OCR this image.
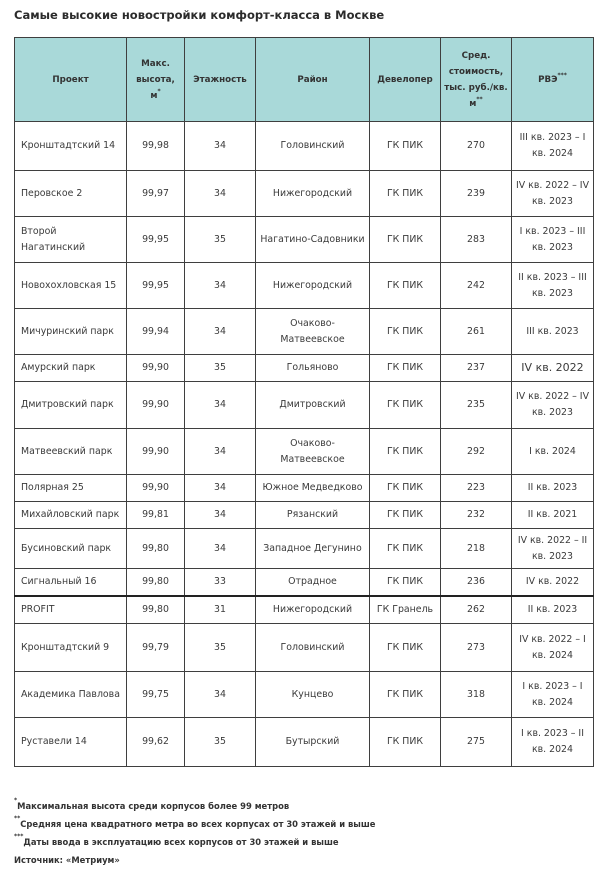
Самые высокие новостройки комфорт-класса в Москве
Проект	Макс. высота, м*	Этажность	Район	Девелопер	Сред. стоимость, тыс. руб./кв. м**	РВЭ***
Кронштадтский 14	99,98	34	Головинский	ГК ПИК	270	III кв. 2023 – I кв. 2024
Перовское 2	99,97	34	Нижегородский	ГК ПИК	239	IV кв. 2022 – IV кв. 2023
Второй Нагатинский	99,95	35	Нагатино-Садовники	ГК ПИК	283	I кв. 2023 – III кв. 2023
Новохохловская 15	99,95	34	Нижегородский	ГК ПИК	242	II кв. 2023 – III кв. 2023
Мичуринский парк	99,94	34	Очаково-Матвеевское	ГК ПИК	261	III кв. 2023
Амурский парк	99,90	35	Гольяново	ГК ПИК	237	IV кв. 2022
Дмитровский парк	99,90	34	Дмитровский	ГК ПИК	235	IV кв. 2022 – IV кв. 2023
Матвеевский парк	99,90	34	Очаково-Матвеевское	ГК ПИК	292	I кв. 2024
Полярная 25	99,90	34	Южное Медведково	ГК ПИК	223	II кв. 2023
Михайловский парк	99,81	34	Рязанский	ГК ПИК	232	II кв. 2021
Бусиновский парк	99,80	34	Западное Дегунино	ГК ПИК	218	IV кв. 2022 – II кв. 2023
Сигнальный 16	99,80	33	Отрадное	ГК ПИК	236	IV кв. 2022
PROFIT	99,80	31	Нижегородский	ГК Гранель	262	II кв. 2023
Кронштадтский 9	99,79	35	Головинский	ГК ПИК	273	IV кв. 2022 – I кв. 2024
Академика Павлова	99,75	34	Кунцево	ГК ПИК	318	I кв. 2023 – I кв. 2024
Руставели 14	99,62	35	Бутырский	ГК ПИК	275	I кв. 2023 – II кв. 2024
*Максимальная высота среди корпусов более 99 метров
**Средняя цена квадратного метра во всех корпусах от 30 этажей и выше
***Даты ввода в эксплуатацию всех корпусов от 30 этажей и выше
Источник: «Метриум»
